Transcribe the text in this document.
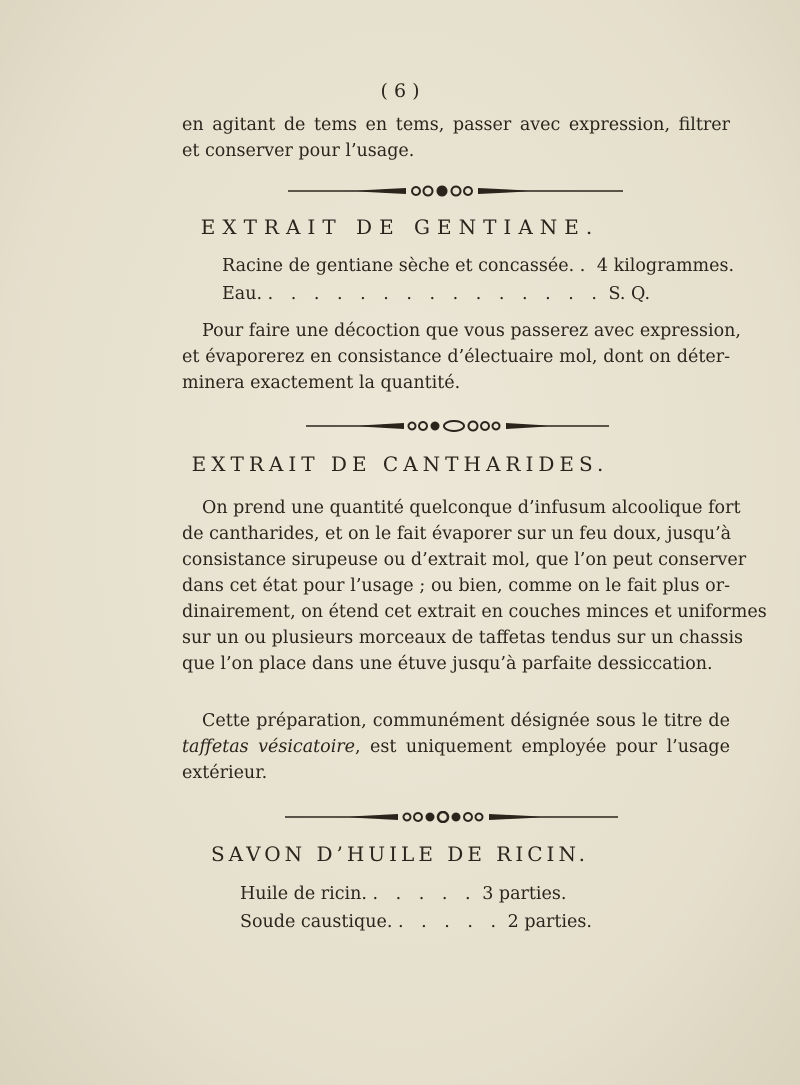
( 6 )
en agitant de tems en tems, passer avec expression, filtrer
et conserver pour l’usage.
EXTRAIT DE GENTIANE.
Racine de gentiane sèche et concassée. . 4 kilogrammes.
Eau. . . . . . . . . . . . . . . . S. Q.
Pour faire une décoction que vous passerez avec expression,
et évaporerez en consistance d’électuaire mol, dont on déter-
minera exactement la quantité.
EXTRAIT DE CANTHARIDES.
On prend une quantité quelconque d’infusum alcoolique fort
de cantharides, et on le fait évaporer sur un feu doux, jusqu’à
consistance sirupeuse ou d’extrait mol, que l’on peut conserver
dans cet état pour l’usage ; ou bien, comme on le fait plus or-
dinairement, on étend cet extrait en couches minces et uniformes
sur un ou plusieurs morceaux de taffetas tendus sur un chassis
que l’on place dans une étuve jusqu’à parfaite dessiccation.
Cette préparation, communément désignée sous le titre de
taffetas vésicatoire, est uniquement employée pour l’usage
extérieur.
SAVON D’HUILE DE RICIN.
Huile de ricin. . . . . . 3 parties.
Soude caustique. . . . . . 2 parties.
